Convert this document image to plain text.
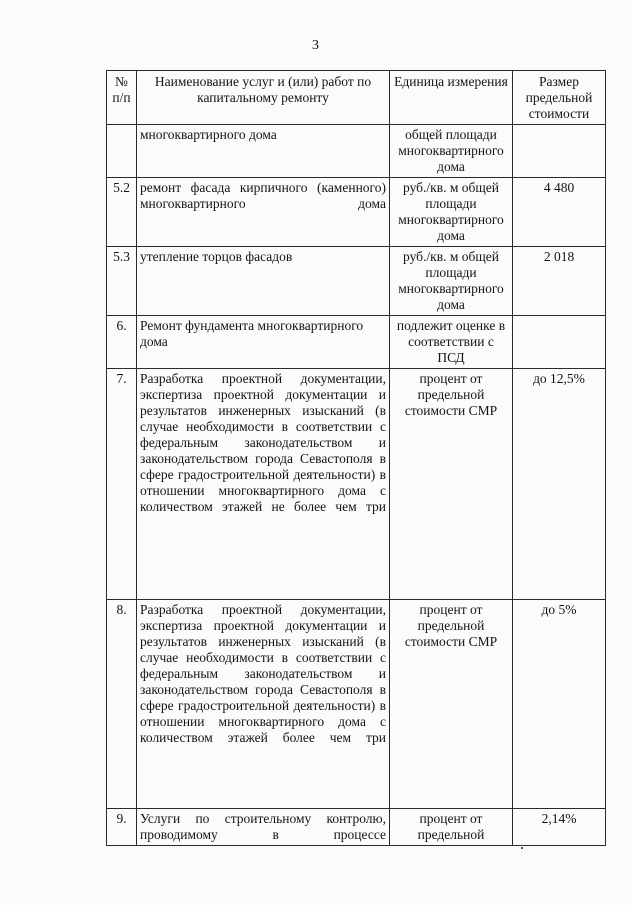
3
№ п/п	Наименование услуг и (или) работ по капитальному ремонту	Единица измерения	Размер предельной стоимости
	многоквартирного дома	общей площади многоквартирного дома	
5.2	ремонт фасада кирпичного (каменного) многоквартирного дома	руб./кв. м общей площади многоквартирного дома	4 480
5.3	утепление торцов фасадов	руб./кв. м общей площади многоквартирного дома	2 018
6.	Ремонт фундамента многоквартирного дома	подлежит оценке в соответствии с ПСД	
7.	Разработка проектной документации, экспертиза проектной документации и результатов инженерных изысканий (в случае необходимости в соответствии с федеральным законодательством и законодательством города Севастополя в сфере градостроительной деятельности) в отношении многоквартирного дома с количеством этажей не более чем три	процент от предельной стоимости СМР	до 12,5%
8.	Разработка проектной документации, экспертиза проектной документации и результатов инженерных изысканий (в случае необходимости в соответствии с федеральным законодательством и законодательством города Севастополя в сфере градостроительной деятельности) в отношении многоквартирного дома с количеством этажей более чем три	процент от предельной стоимости СМР	до 5%
9.	Услуги по строительному контролю, проводимому в процессе	процент от предельной	2,14%
